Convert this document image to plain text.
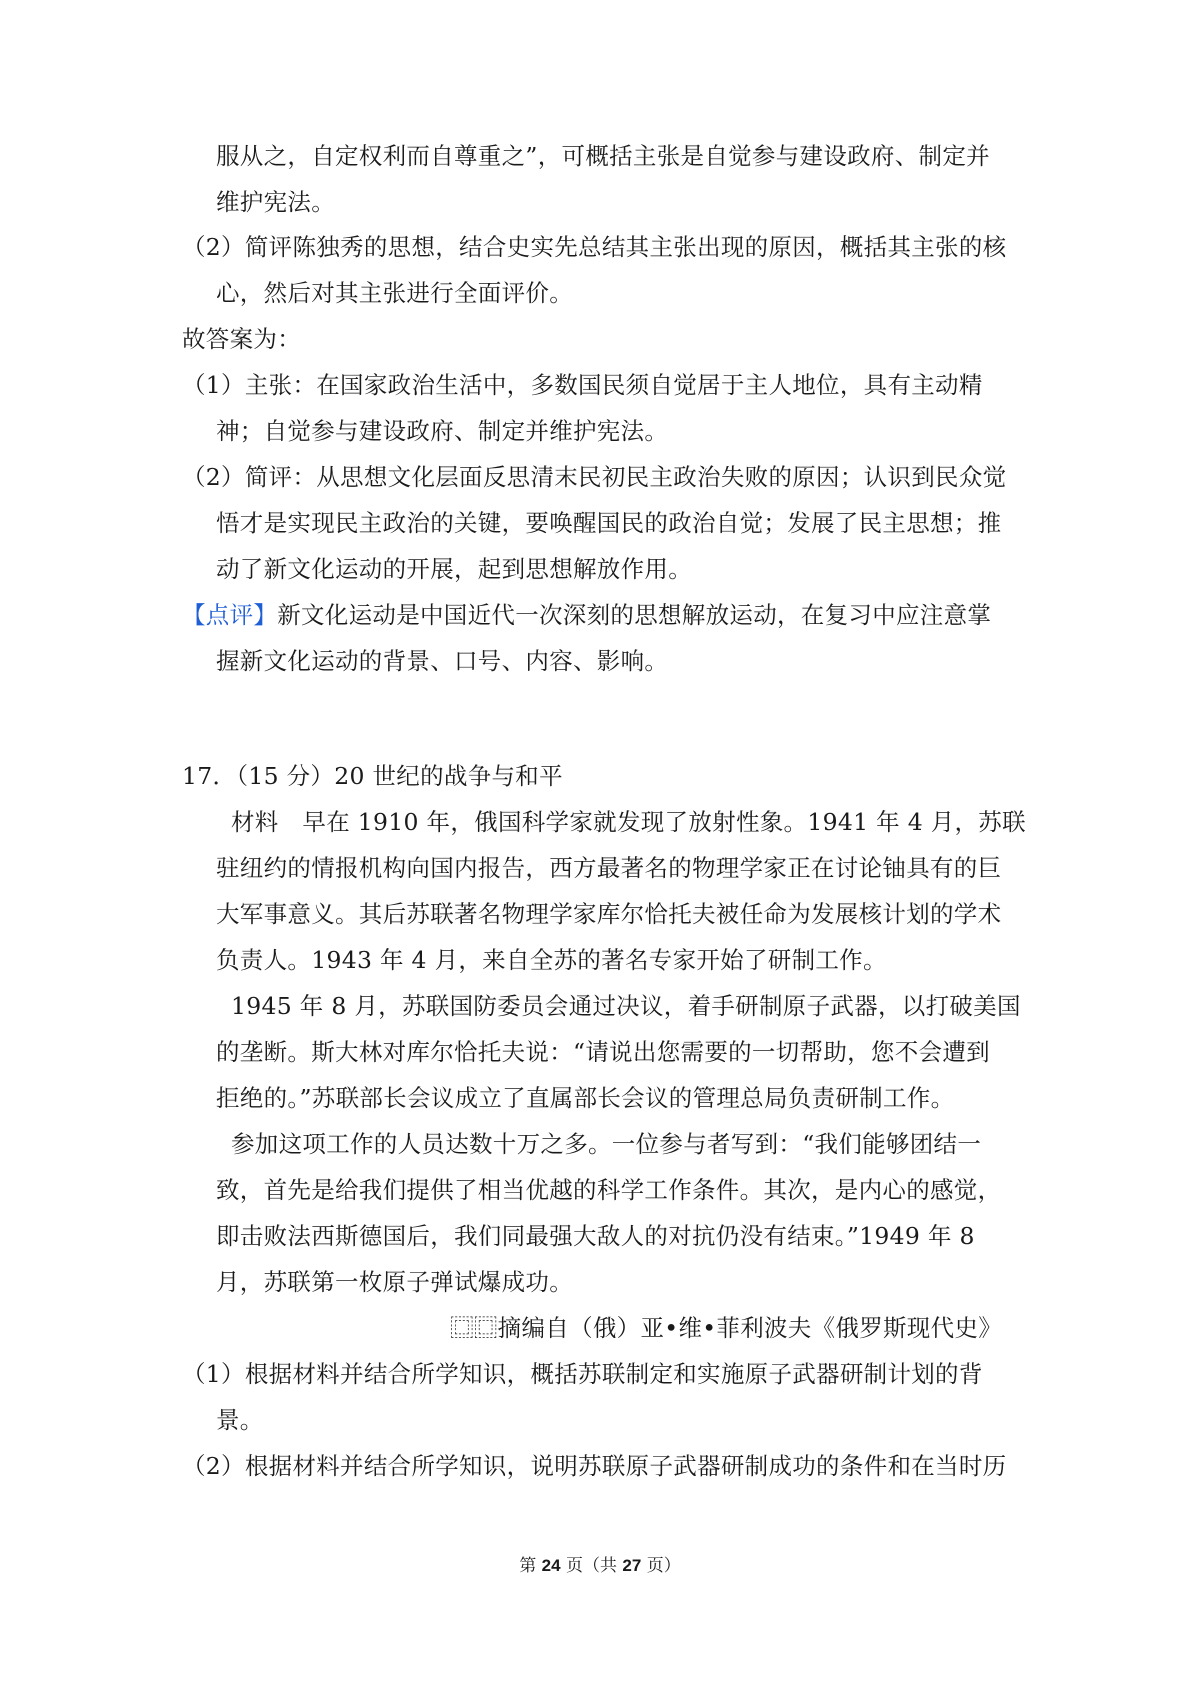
服从之，自定权利而自尊重之”，可概括主张是自觉参与建设政府、制定并
维护宪法。
（2）简评陈独秀的思想，结合史实先总结其主张出现的原因，概括其主张的核
心，然后对其主张进行全面评价。
故答案为：
（1）主张：在国家政治生活中，多数国民须自觉居于主人地位，具有主动精
神；自觉参与建设政府、制定并维护宪法。
（2）简评：从思想文化层面反思清末民初民主政治失败的原因；认识到民众觉
悟才是实现民主政治的关键，要唤醒国民的政治自觉；发展了民主思想；推
动了新文化运动的开展，起到思想解放作用。
【点评】新文化运动是中国近代一次深刻的思想解放运动，在复习中应注意掌
握新文化运动的背景、口号、内容、影响。
17．（15 分）20 世纪的战争与和平
材料　早在 1910 年，俄国科学家就发现了放射性象。1941 年 4 月，苏联
驻纽约的情报机构向国内报告，西方最著名的物理学家正在讨论铀具有的巨
大军事意义。其后苏联著名物理学家库尔恰托夫被任命为发展核计划的学术
负责人。1943 年 4 月，来自全苏的著名专家开始了研制工作。
1945 年 8 月，苏联国防委员会通过决议，着手研制原子武器，以打破美国
的垄断。斯大林对库尔恰托夫说：“请说出您需要的一切帮助，您不会遭到
拒绝的。”苏联部长会议成立了直属部长会议的管理总局负责研制工作。
参加这项工作的人员达数十万之多。一位参与者写到：“我们能够团结一
致，首先是给我们提供了相当优越的科学工作条件。其次，是内心的感觉，
即击败法西斯德国后，我们同最强大敌人的对抗仍没有结束。”1949 年 8
月，苏联第一枚原子弹试爆成功。
⿴⿴摘编自（俄）亚•维•菲利波夫《俄罗斯现代史》
（1）根据材料并结合所学知识，概括苏联制定和实施原子武器研制计划的背
景。
（2）根据材料并结合所学知识，说明苏联原子武器研制成功的条件和在当时历
第 24 页（共 27 页）
